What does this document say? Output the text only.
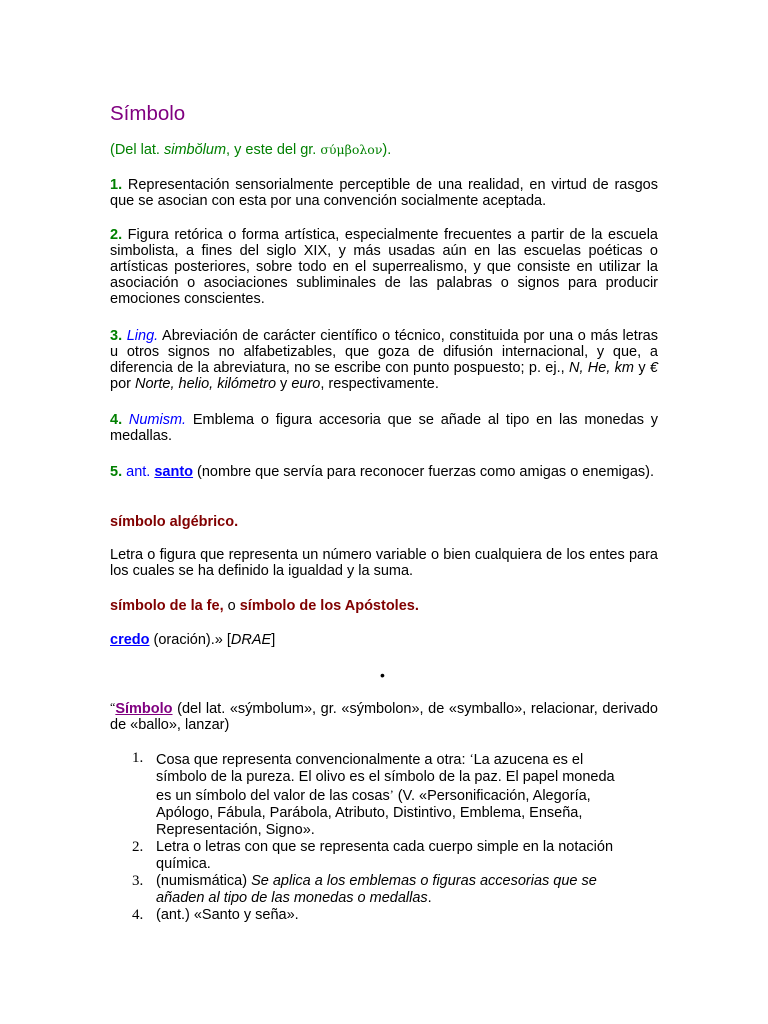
Símbolo
(Del lat. simbŏlum, y este del gr. σύμβολον).

1. Representación sensorialmente perceptible de una realidad, en virtud de rasgos que se asocian con esta por una convención socialmente aceptada.

2. Figura retórica o forma artística, especialmente frecuentes a partir de la escuela simbolista, a fines del siglo XIX, y más usadas aún en las escuelas poéticas o artísticas posteriores, sobre todo en el superrealismo, y que consiste en utilizar la asociación o asociaciones subliminales de las palabras o signos para producir emociones conscientes.

3. Ling. Abreviación de carácter científico o técnico, constituida por una o más letras u otros signos no alfabetizables, que goza de difusión internacional, y que, a diferencia de la abreviatura, no se escribe con punto pospuesto; p. ej., N, He, km y € por Norte, helio, kilómetro y euro, respectivamente.

4. Numism. Emblema o figura accesoria que se añade al tipo en las monedas y medallas.

5. ant. santo (nombre que servía para reconocer fuerzas como amigas o enemigas).

símbolo algébrico.

Letra o figura que representa un número variable o bien cualquiera de los entes para los cuales se ha definido la igualdad y la suma.

símbolo de la fe, o símbolo de los Apóstoles.

credo (oración).» [DRAE]

•

“Símbolo (del lat. «sýmbolum», gr. «sýmbolon», de «symballo», relacionar, derivado de «ballo», lanzar)

1. Cosa que representa convencionalmente a otra: ‘La azucena es el símbolo de la pureza. El olivo es el símbolo de la paz. El papel moneda es un símbolo del valor de las cosas’ (V. «Personificación, Alegoría, Apólogo, Fábula, Parábola, Atributo, Distintivo, Emblema, Enseña, Representación, Signo».
2. Letra o letras con que se representa cada cuerpo simple en la notación química.
3. (numismática) Se aplica a los emblemas o figuras accesorias que se añaden al tipo de las monedas o medallas.
4. (ant.) «Santo y seña».
